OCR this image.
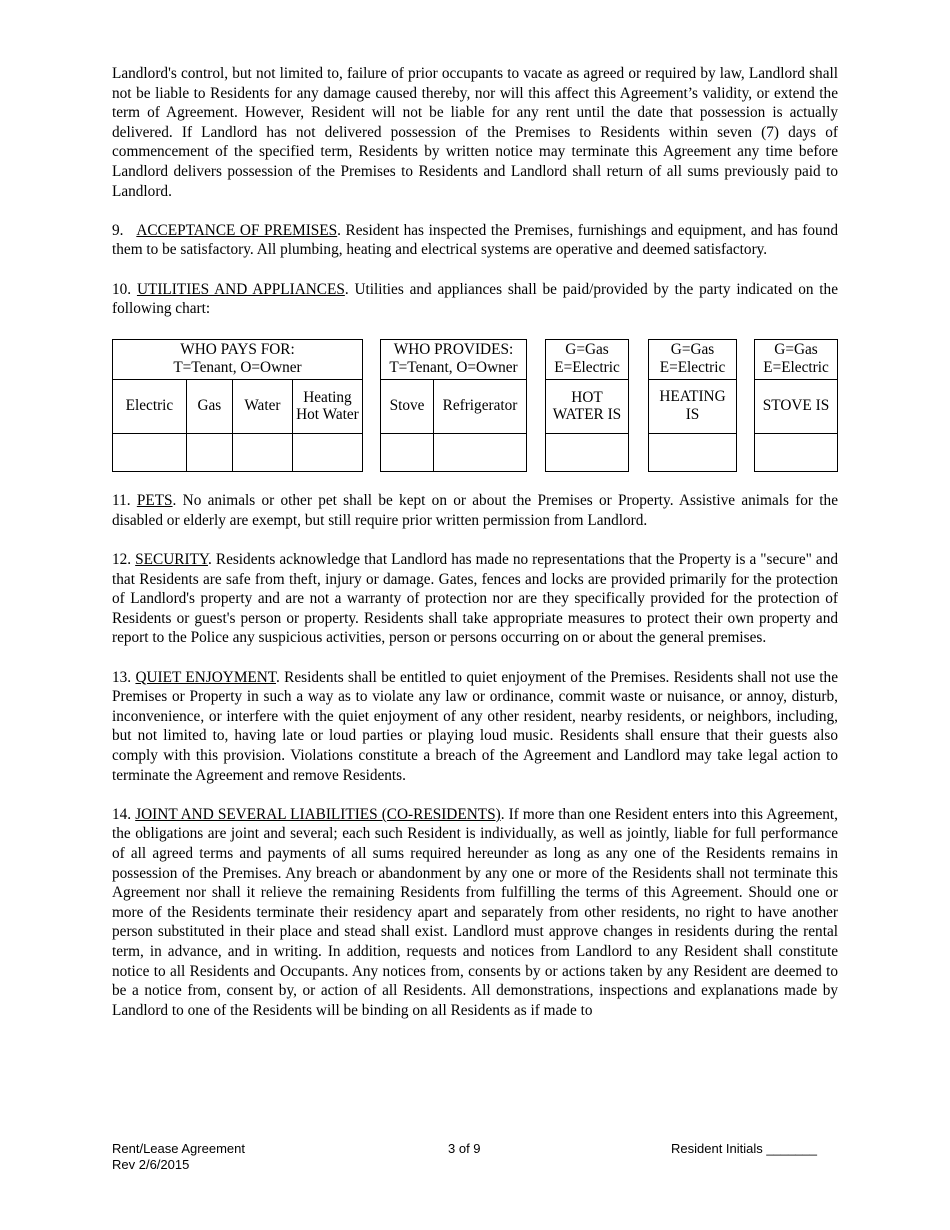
Landlord's control, but not limited to, failure of prior occupants to vacate as agreed or required by law, Landlord shall not be liable to Residents for any damage caused thereby, nor will this affect this Agreement’s validity, or extend the term of Agreement. However, Resident will not be liable for any rent until the date that possession is actually delivered. If Landlord has not delivered possession of the Premises to Residents within seven (7) days of commencement of the specified term, Residents by written notice may terminate this Agreement any time before Landlord delivers possession of the Premises to Residents and Landlord shall return of all sums previously paid to Landlord.

9. ACCEPTANCE OF PREMISES. Resident has inspected the Premises, furnishings and equipment, and has found them to be satisfactory. All plumbing, heating and electrical systems are operative and deemed satisfactory.

10. UTILITIES AND APPLIANCES. Utilities and appliances shall be paid/provided by the party indicated on the following chart:

WHO PAYS FOR:
T=Tenant, O=Owner			
Electric	Gas	Water	Heating Hot Water

WHO PROVIDES:
T=Tenant, O=Owner	
Stove	Refrigerator

G=Gas
E=Electric
HOT WATER IS

G=Gas
E=Electric
HEATING IS

G=Gas
E=Electric
STOVE IS

11. PETS. No animals or other pet shall be kept on or about the Premises or Property. Assistive animals for the disabled or elderly are exempt, but still require prior written permission from Landlord.

12. SECURITY. Residents acknowledge that Landlord has made no representations that the Property is a "secure" and that Residents are safe from theft, injury or damage. Gates, fences and locks are provided primarily for the protection of Landlord's property and are not a warranty of protection nor are they specifically provided for the protection of Residents or guest's person or property. Residents shall take appropriate measures to protect their own property and report to the Police any suspicious activities, person or persons occurring on or about the general premises.

13. QUIET ENJOYMENT. Residents shall be entitled to quiet enjoyment of the Premises. Residents shall not use the Premises or Property in such a way as to violate any law or ordinance, commit waste or nuisance, or annoy, disturb, inconvenience, or interfere with the quiet enjoyment of any other resident, nearby residents, or neighbors, including, but not limited to, having late or loud parties or playing loud music. Residents shall ensure that their guests also comply with this provision. Violations constitute a breach of the Agreement and Landlord may take legal action to terminate the Agreement and remove Residents.

14. JOINT AND SEVERAL LIABILITIES (CO-RESIDENTS). If more than one Resident enters into this Agreement, the obligations are joint and several; each such Resident is individually, as well as jointly, liable for full performance of all agreed terms and payments of all sums required hereunder as long as any one of the Residents remains in possession of the Premises. Any breach or abandonment by any one or more of the Residents shall not terminate this Agreement nor shall it relieve the remaining Residents from fulfilling the terms of this Agreement. Should one or more of the Residents terminate their residency apart and separately from other residents, no right to have another person substituted in their place and stead shall exist. Landlord must approve changes in residents during the rental term, in advance, and in writing. In addition, requests and notices from Landlord to any Resident shall constitute notice to all Residents and Occupants. Any notices from, consents by or actions taken by any Resident are deemed to be a notice from, consent by, or action of all Residents. All demonstrations, inspections and explanations made by Landlord to one of the Residents will be binding on all Residents as if made to

Rent/Lease Agreement
Rev 2/6/2015
3 of 9	Resident Initials _______
